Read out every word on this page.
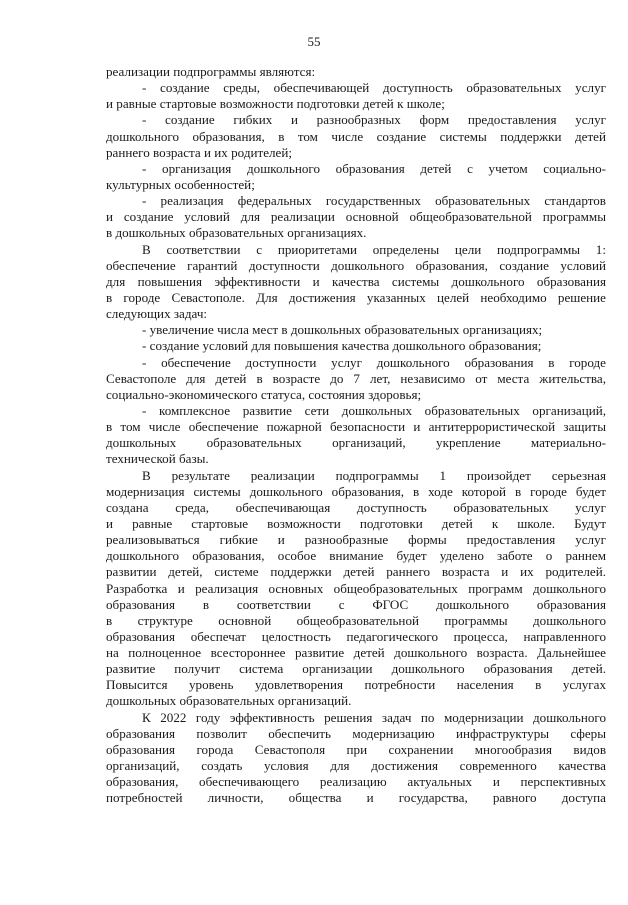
55
реализации подпрограммы являются:
- создание среды, обеспечивающей доступность образовательных услуг
и равные стартовые возможности подготовки детей к школе;
- создание гибких и разнообразных форм предоставления услуг
дошкольного образования, в том числе создание системы поддержки детей
раннего возраста и их родителей;
- организация дошкольного образования детей с учетом социально-
культурных особенностей;
- реализация федеральных государственных образовательных стандартов
и создание условий для реализации основной общеобразовательной программы
в дошкольных образовательных организациях.
В соответствии с приоритетами определены цели подпрограммы 1:
обеспечение гарантий доступности дошкольного образования, создание условий
для повышения эффективности и качества системы дошкольного образования
в городе Севастополе. Для достижения указанных целей необходимо решение
следующих задач:
- увеличение числа мест в дошкольных образовательных организациях;
- создание условий для повышения качества дошкольного образования;
- обеспечение доступности услуг дошкольного образования в городе
Севастополе для детей в возрасте до 7 лет, независимо от места жительства,
социально-экономического статуса, состояния здоровья;
- комплексное развитие сети дошкольных образовательных организаций,
в том числе обеспечение пожарной безопасности и антитеррористической защиты
дошкольных образовательных организаций, укрепление материально-
технической базы.
В результате реализации подпрограммы 1 произойдет серьезная
модернизация системы дошкольного образования, в ходе которой в городе будет
создана среда, обеспечивающая доступность образовательных услуг
и равные стартовые возможности подготовки детей к школе. Будут
реализовываться гибкие и разнообразные формы предоставления услуг
дошкольного образования, особое внимание будет уделено заботе о раннем
развитии детей, системе поддержки детей раннего возраста и их родителей.
Разработка и реализация основных общеобразовательных программ дошкольного
образования в соответствии с ФГОС дошкольного образования
в структуре основной общеобразовательной программы дошкольного
образования обеспечат целостность педагогического процесса, направленного
на полноценное всестороннее развитие детей дошкольного возраста. Дальнейшее
развитие получит система организации дошкольного образования детей.
Повысится уровень удовлетворения потребности населения в услугах
дошкольных образовательных организаций.
К 2022 году эффективность решения задач по модернизации дошкольного
образования позволит обеспечить модернизацию инфраструктуры сферы
образования города Севастополя при сохранении многообразия видов
организаций, создать условия для достижения современного качества
образования, обеспечивающего реализацию актуальных и перспективных
потребностей личности, общества и государства, равного доступа
